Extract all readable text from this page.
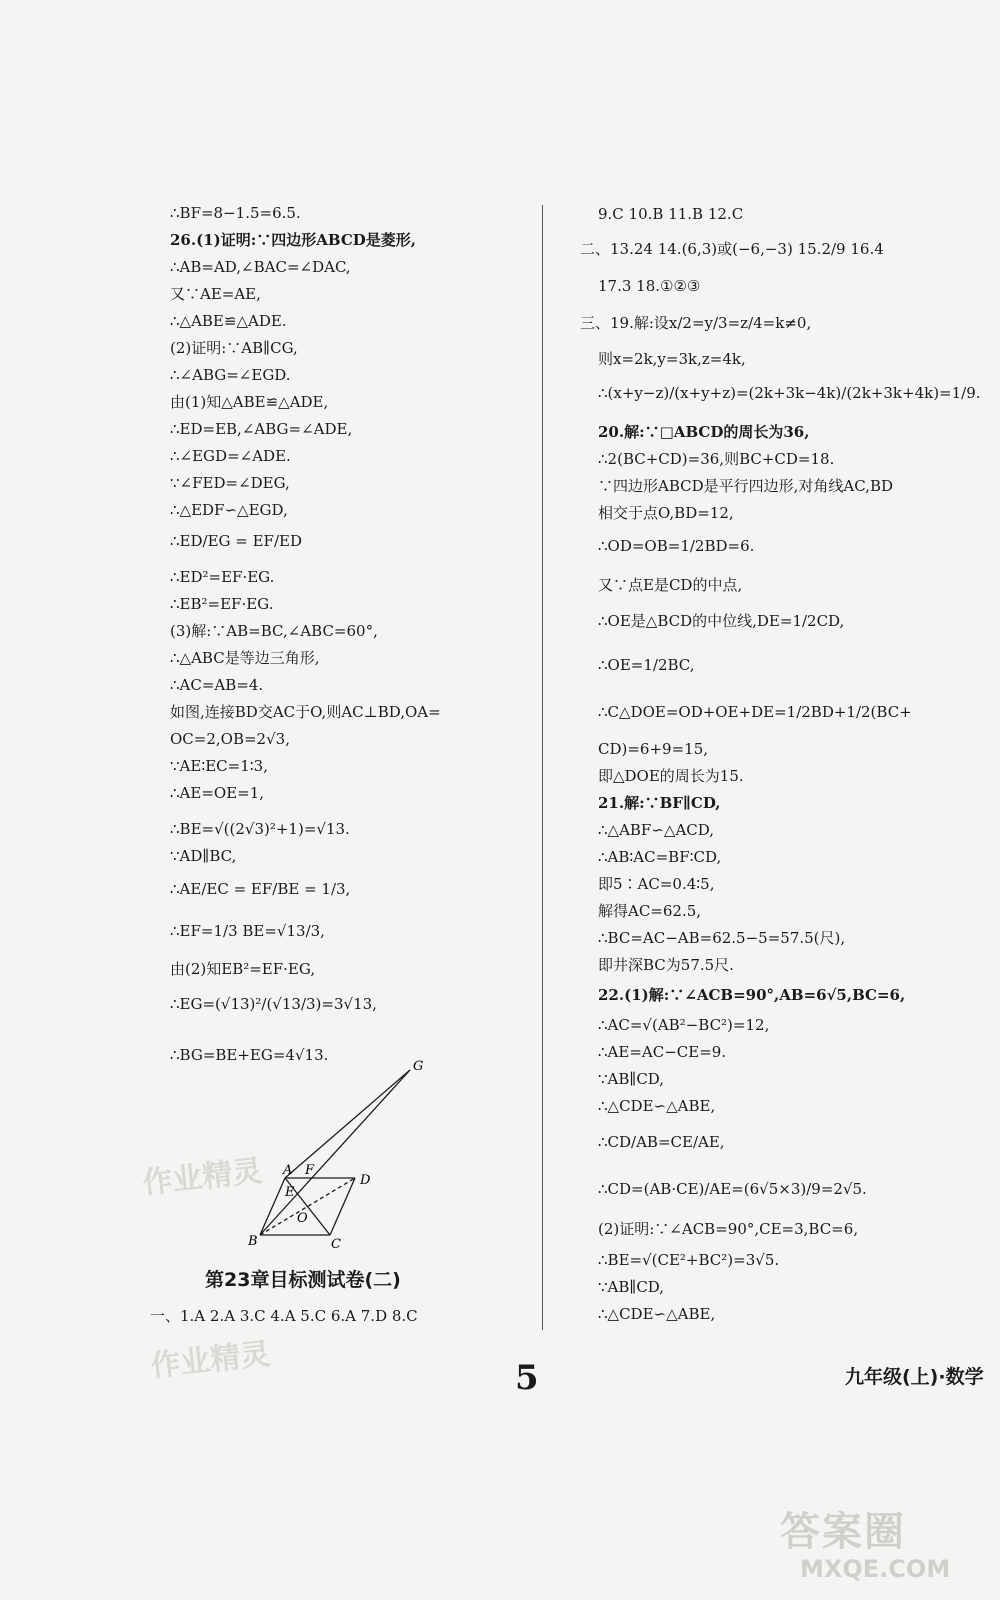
∴BF=8−1.5=6.5.
26.(1)证明:∵四边形ABCD是菱形,
∴AB=AD,∠BAC=∠DAC,
又∵AE=AE,
∴△ABE≌△ADE.
(2)证明:∵AB∥CG,
∴∠ABG=∠EGD.
由(1)知△ABE≌△ADE,
∴ED=EB,∠ABG=∠ADE,
∴∠EGD=∠ADE.
∵∠FED=∠DEG,
∴△EDF∽△EGD,
∴ED/EG = EF/ED
∴ED²=EF·EG.
∴EB²=EF·EG.
(3)解:∵AB=BC,∠ABC=60°,
∴△ABC是等边三角形,
∴AC=AB=4.
如图,连接BD交AC于O,则AC⊥BD,OA=
OC=2,OB=2√3,
∵AE∶EC=1∶3,
∴AE=OE=1,
∴BE=√((2√3)²+1)=√13.
∵AD∥BC,
∴AE/EC = EF/BE = 1/3,
∴EF=1/3 BE=√13/3,
由(2)知EB²=EF·EG,
∴EG=(√13)²/(√13/3)=3√13,
∴BG=BE+EG=4√13.
G
A F
E
D
O
B	C
作业精灵
第23章目标测试卷(二)
一、1.A 2.A 3.C 4.A 5.C 6.A 7.D 8.C
作业精灵
9.C 10.B 11.B 12.C
二、13.24 14.(6,3)或(−6,−3) 15.2/9 16.4
17.3 18.①②③
三、19.解:设x/2=y/3=z/4=k≠0,
则x=2k,y=3k,z=4k,
∴(x+y−z)/(x+y+z)=(2k+3k−4k)/(2k+3k+4k)=1/9.
20.解:∵□ABCD的周长为36,
∴2(BC+CD)=36,则BC+CD=18.
∵四边形ABCD是平行四边形,对角线AC,BD
相交于点O,BD=12,
∴OD=OB=1/2BD=6.
又∵点E是CD的中点,
∴OE是△BCD的中位线,DE=1/2CD,
∴OE=1/2BC,
∴C△DOE=OD+OE+DE=1/2BD+1/2(BC+
CD)=6+9=15,
即△DOE的周长为15.
21.解:∵BF∥CD,
∴△ABF∽△ACD,
∴AB∶AC=BF∶CD,
即5∶AC=0.4∶5,
解得AC=62.5,
∴BC=AC−AB=62.5−5=57.5(尺),
即井深BC为57.5尺.
22.(1)解:∵∠ACB=90°,AB=6√5,BC=6,
∴AC=√(AB²−BC²)=12,
∴AE=AC−CE=9.
∵AB∥CD,
∴△CDE∽△ABE,
∴CD/AB=CE/AE,
∴CD=(AB·CE)/AE=(6√5×3)/9=2√5.
(2)证明:∵∠ACB=90°,CE=3,BC=6,
∴BE=√(CE²+BC²)=3√5.
∵AB∥CD,
∴△CDE∽△ABE,
5	九年级(上)·数学
答案圈
MXQE.COM
